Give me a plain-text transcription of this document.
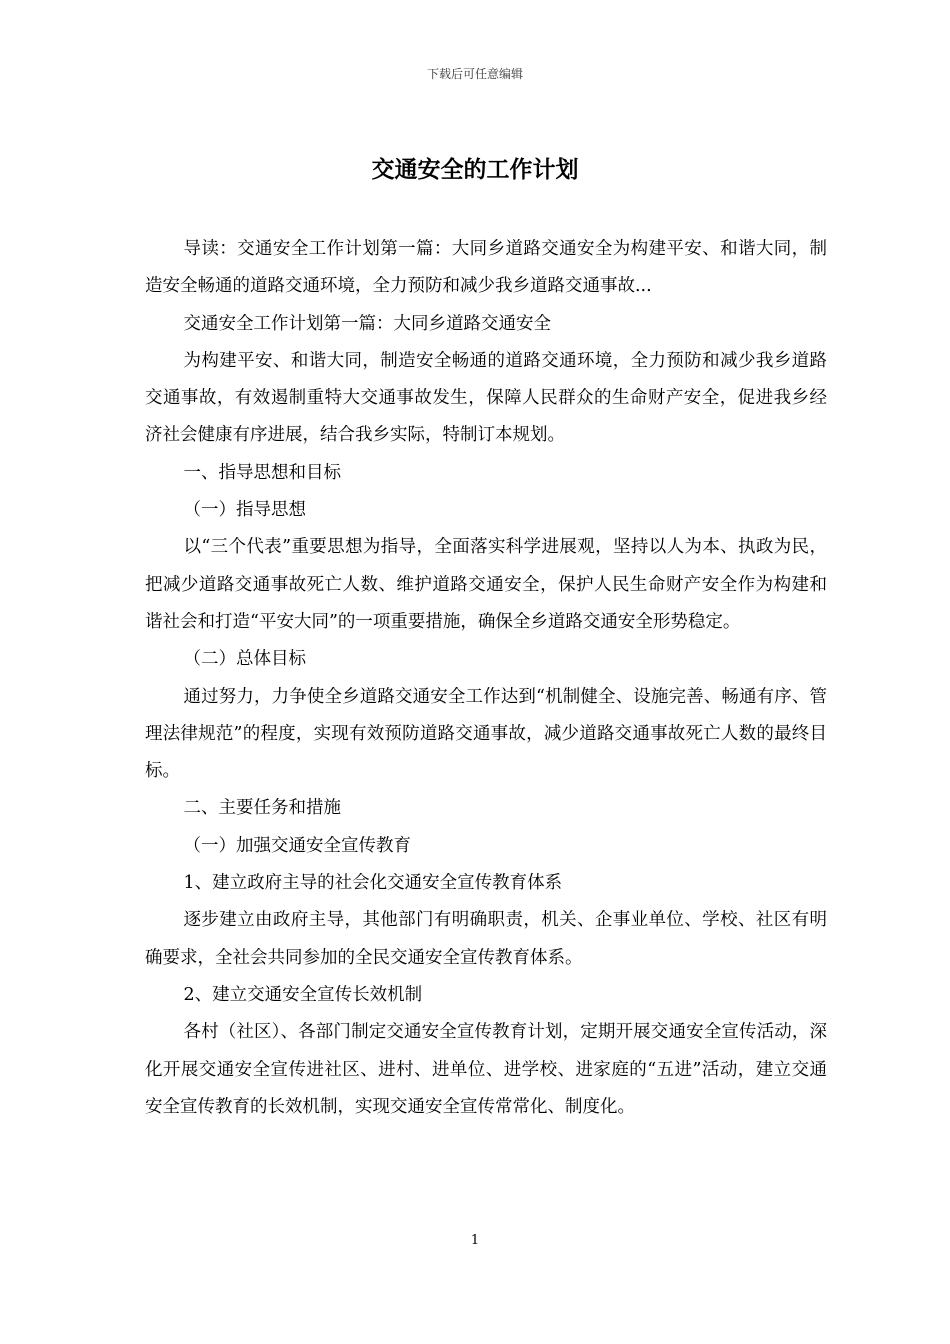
下载后可任意编辑
交通安全的工作计划

导读：交通安全工作计划第一篇：大同乡道路交通安全为构建平安、和谐大同，制造安全畅通的道路交通环境，全力预防和减少我乡道路交通事故...

交通安全工作计划第一篇：大同乡道路交通安全

为构建平安、和谐大同，制造安全畅通的道路交通环境，全力预防和减少我乡道路交通事故，有效遏制重特大交通事故发生，保障人民群众的生命财产安全，促进我乡经济社会健康有序进展，结合我乡实际，特制订本规划。

一、指导思想和目标

（一）指导思想

以“三个代表”重要思想为指导，全面落实科学进展观，坚持以人为本、执政为民，把减少道路交通事故死亡人数、维护道路交通安全，保护人民生命财产安全作为构建和谐社会和打造“平安大同”的一项重要措施，确保全乡道路交通安全形势稳定。

（二）总体目标

通过努力，力争使全乡道路交通安全工作达到“机制健全、设施完善、畅通有序、管理法律规范”的程度，实现有效预防道路交通事故，减少道路交通事故死亡人数的最终目标。

二、主要任务和措施

（一）加强交通安全宣传教育

1、建立政府主导的社会化交通安全宣传教育体系

逐步建立由政府主导，其他部门有明确职责，机关、企事业单位、学校、社区有明确要求，全社会共同参加的全民交通安全宣传教育体系。

2、建立交通安全宣传长效机制

各村（社区）、各部门制定交通安全宣传教育计划，定期开展交通安全宣传活动，深化开展交通安全宣传进社区、进村、进单位、进学校、进家庭的“五进”活动，建立交通安全宣传教育的长效机制，实现交通安全宣传常常化、制度化。

1
